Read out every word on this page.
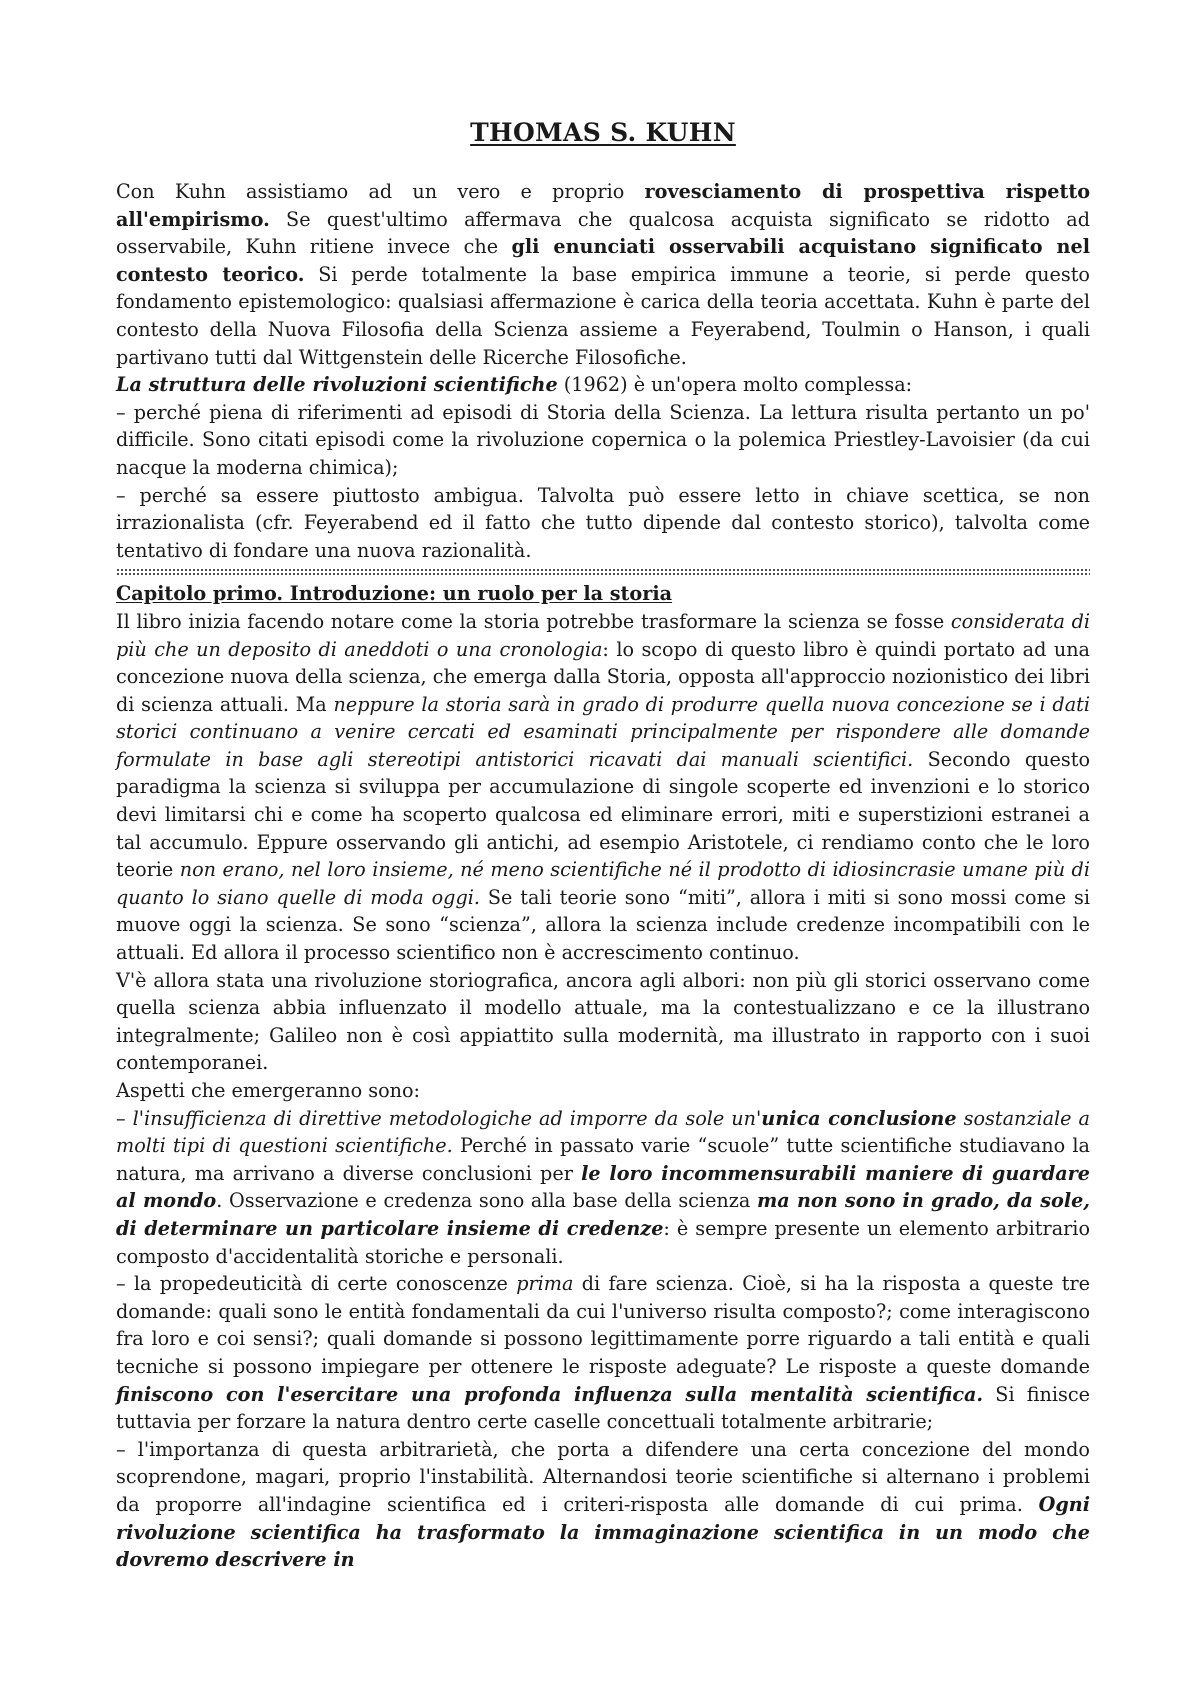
THOMAS S. KUHN

Con Kuhn assistiamo ad un vero e proprio rovesciamento di prospettiva rispetto all'empirismo. Se quest'ultimo affermava che qualcosa acquista significato se ridotto ad osservabile, Kuhn ritiene invece che gli enunciati osservabili acquistano significato nel contesto teorico. Si perde totalmente la base empirica immune a teorie, si perde questo fondamento epistemologico: qualsiasi affermazione è carica della teoria accettata. Kuhn è parte del contesto della Nuova Filosofia della Scienza assieme a Feyerabend, Toulmin o Hanson, i quali partivano tutti dal Wittgenstein delle Ricerche Filosofiche.

La struttura delle rivoluzioni scientifiche (1962) è un'opera molto complessa:

– perché piena di riferimenti ad episodi di Storia della Scienza. La lettura risulta pertanto un po' difficile. Sono citati episodi come la rivoluzione copernica o la polemica Priestley-Lavoisier (da cui nacque la moderna chimica);

– perché sa essere piuttosto ambigua. Talvolta può essere letto in chiave scettica, se non irrazionalista (cfr. Feyerabend ed il fatto che tutto dipende dal contesto storico), talvolta come tentativo di fondare una nuova razionalità.

Capitolo primo. Introduzione: un ruolo per la storia

Il libro inizia facendo notare come la storia potrebbe trasformare la scienza se fosse considerata di più che un deposito di aneddoti o una cronologia: lo scopo di questo libro è quindi portato ad una concezione nuova della scienza, che emerga dalla Storia, opposta all'approccio nozionistico dei libri di scienza attuali. Ma neppure la storia sarà in grado di produrre quella nuova concezione se i dati storici continuano a venire cercati ed esaminati principalmente per rispondere alle domande formulate in base agli stereotipi antistorici ricavati dai manuali scientifici. Secondo questo paradigma la scienza si sviluppa per accumulazione di singole scoperte ed invenzioni e lo storico devi limitarsi chi e come ha scoperto qualcosa ed eliminare errori, miti e superstizioni estranei a tal accumulo. Eppure osservando gli antichi, ad esempio Aristotele, ci rendiamo conto che le loro teorie non erano, nel loro insieme, né meno scientifiche né il prodotto di idiosincrasie umane più di quanto lo siano quelle di moda oggi. Se tali teorie sono “miti”, allora i miti si sono mossi come si muove oggi la scienza. Se sono “scienza”, allora la scienza include credenze incompatibili con le attuali. Ed allora il processo scientifico non è accrescimento continuo.

V'è allora stata una rivoluzione storiografica, ancora agli albori: non più gli storici osservano come quella scienza abbia influenzato il modello attuale, ma la contestualizzano e ce la illustrano integralmente; Galileo non è così appiattito sulla modernità, ma illustrato in rapporto con i suoi contemporanei.

Aspetti che emergeranno sono:

– l'insufficienza di direttive metodologiche ad imporre da sole un'unica conclusione sostanziale a molti tipi di questioni scientifiche. Perché in passato varie “scuole” tutte scientifiche studiavano la natura, ma arrivano a diverse conclusioni per le loro incommensurabili maniere di guardare al mondo. Osservazione e credenza sono alla base della scienza ma non sono in grado, da sole, di determinare un particolare insieme di credenze: è sempre presente un elemento arbitrario composto d'accidentalità storiche e personali.

– la propedeuticità di certe conoscenze prima di fare scienza. Cioè, si ha la risposta a queste tre domande: quali sono le entità fondamentali da cui l'universo risulta composto?; come interagiscono fra loro e coi sensi?; quali domande si possono legittimamente porre riguardo a tali entità e quali tecniche si possono impiegare per ottenere le risposte adeguate? Le risposte a queste domande finiscono con l'esercitare una profonda influenza sulla mentalità scientifica. Si finisce tuttavia per forzare la natura dentro certe caselle concettuali totalmente arbitrarie;

– l'importanza di questa arbitrarietà, che porta a difendere una certa concezione del mondo scoprendone, magari, proprio l'instabilità. Alternandosi teorie scientifiche si alternano i problemi da proporre all'indagine scientifica ed i criteri-risposta alle domande di cui prima. Ogni rivoluzione scientifica ha trasformato la immaginazione scientifica in un modo che dovremo descrivere in
